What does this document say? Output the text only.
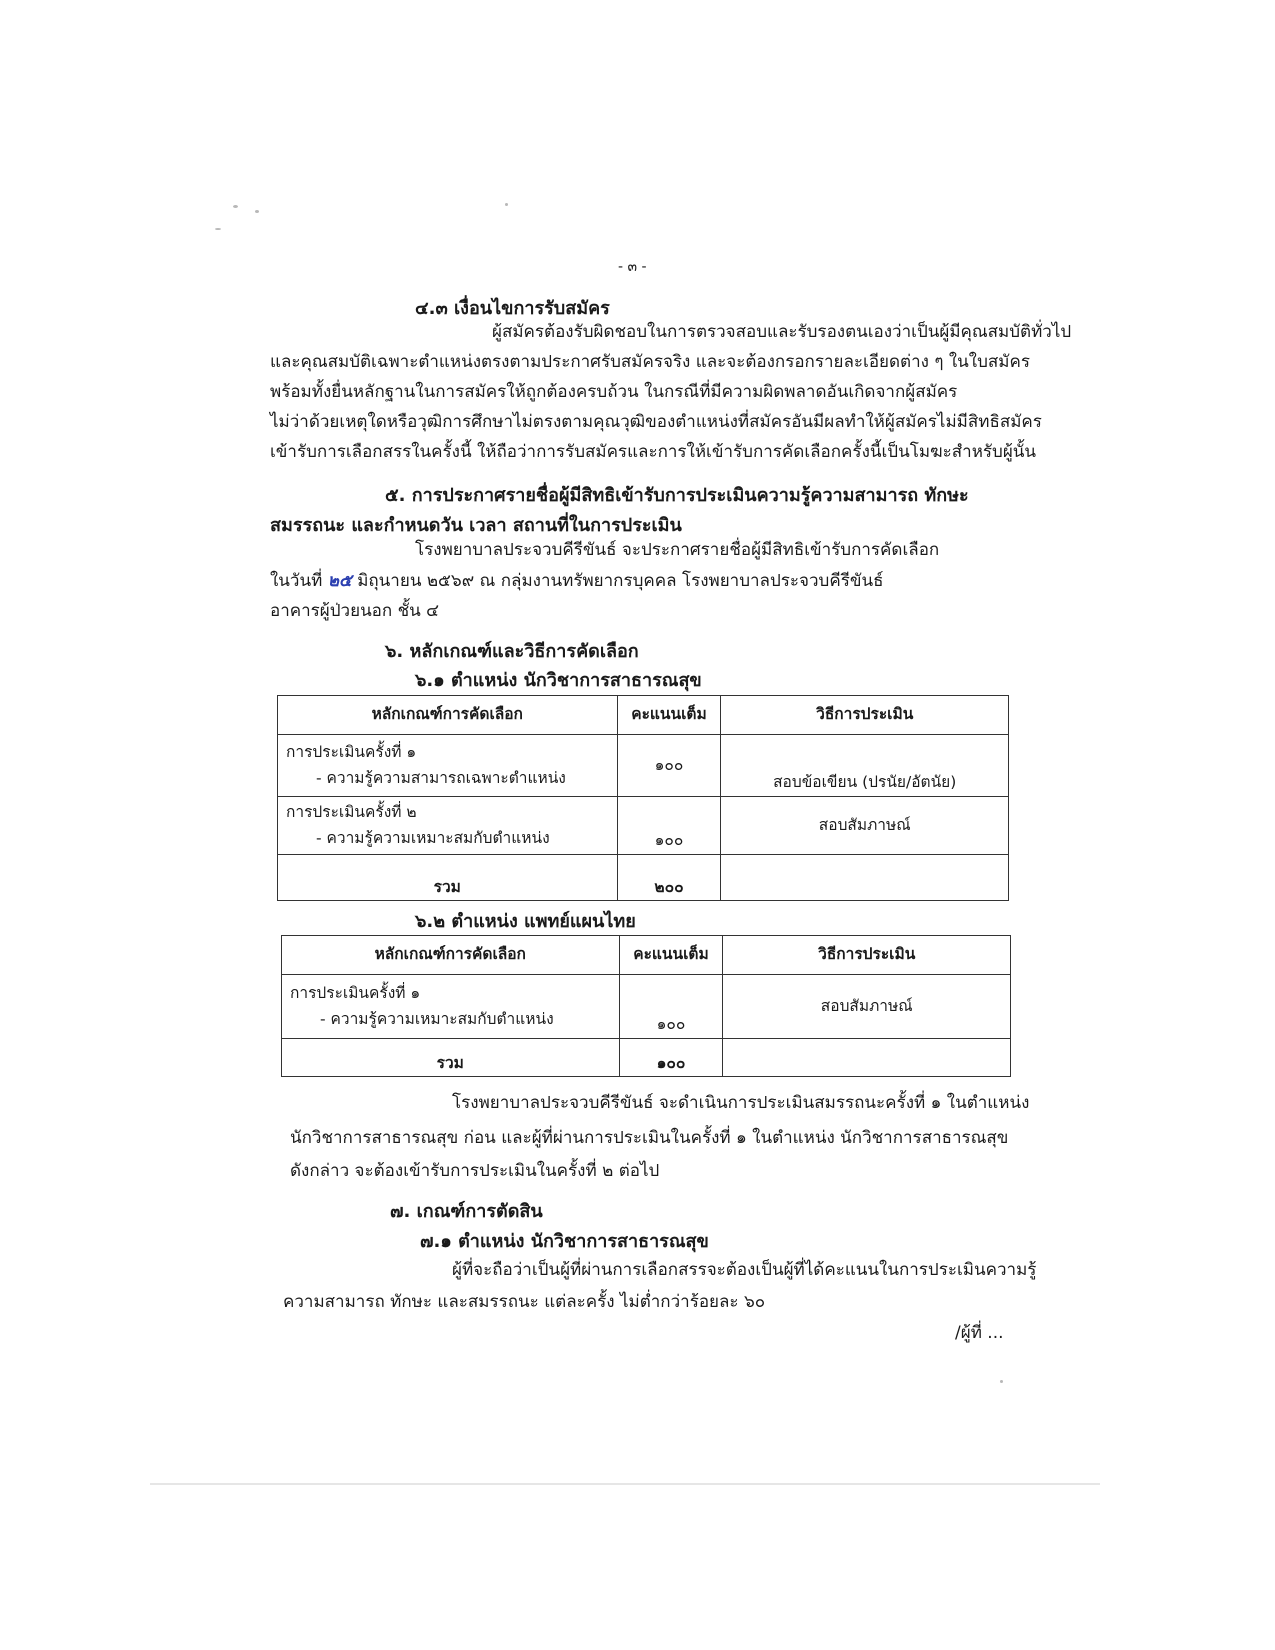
- ๓ -
๔.๓ เงื่อนไขการรับสมัคร
ผู้สมัครต้องรับผิดชอบในการตรวจสอบและรับรองตนเองว่าเป็นผู้มีคุณสมบัติทั่วไป
และคุณสมบัติเฉพาะตำแหน่งตรงตามประกาศรับสมัครจริง และจะต้องกรอกรายละเอียดต่าง ๆ ในใบสมัคร
พร้อมทั้งยื่นหลักฐานในการสมัครให้ถูกต้องครบถ้วน ในกรณีที่มีความผิดพลาดอันเกิดจากผู้สมัคร
ไม่ว่าด้วยเหตุใดหรือวุฒิการศึกษาไม่ตรงตามคุณวุฒิของตำแหน่งที่สมัครอันมีผลทำให้ผู้สมัครไม่มีสิทธิสมัคร
เข้ารับการเลือกสรรในครั้งนี้ ให้ถือว่าการรับสมัครและการให้เข้ารับการคัดเลือกครั้งนี้เป็นโมฆะสำหรับผู้นั้น
๕. การประกาศรายชื่อผู้มีสิทธิเข้ารับการประเมินความรู้ความสามารถ ทักษะ
สมรรถนะ และกำหนดวัน เวลา สถานที่ในการประเมิน
โรงพยาบาลประจวบคีรีขันธ์ จะประกาศรายชื่อผู้มีสิทธิเข้ารับการคัดเลือก
ในวันที่ ๒๕ มิถุนายน ๒๕๖๙ ณ กลุ่มงานทรัพยากรบุคคล โรงพยาบาลประจวบคีรีขันธ์
อาคารผู้ป่วยนอก ชั้น ๔
๖. หลักเกณฑ์และวิธีการคัดเลือก
๖.๑ ตำแหน่ง นักวิชาการสาธารณสุข
หลักเกณฑ์การคัดเลือก	คะแนนเต็ม	วิธีการประเมิน
การประเมินครั้งที่ ๑
- ความรู้ความสามารถเฉพาะตำแหน่ง	๑๐๐	สอบข้อเขียน (ปรนัย/อัตนัย)
การประเมินครั้งที่ ๒
- ความรู้ความเหมาะสมกับตำแหน่ง	๑๐๐	สอบสัมภาษณ์
รวม	๒๐๐	
๖.๒ ตำแหน่ง แพทย์แผนไทย
หลักเกณฑ์การคัดเลือก	คะแนนเต็ม	วิธีการประเมิน
การประเมินครั้งที่ ๑
- ความรู้ความเหมาะสมกับตำแหน่ง	๑๐๐	สอบสัมภาษณ์
รวม	๑๐๐	
โรงพยาบาลประจวบคีรีขันธ์ จะดำเนินการประเมินสมรรถนะครั้งที่ ๑ ในตำแหน่ง
นักวิชาการสาธารณสุข ก่อน และผู้ที่ผ่านการประเมินในครั้งที่ ๑ ในตำแหน่ง นักวิชาการสาธารณสุข
ดังกล่าว จะต้องเข้ารับการประเมินในครั้งที่ ๒ ต่อไป
๗. เกณฑ์การตัดสิน
๗.๑ ตำแหน่ง นักวิชาการสาธารณสุข
ผู้ที่จะถือว่าเป็นผู้ที่ผ่านการเลือกสรรจะต้องเป็นผู้ที่ได้คะแนนในการประเมินความรู้
ความสามารถ ทักษะ และสมรรถนะ แต่ละครั้ง ไม่ต่ำกว่าร้อยละ ๖๐
/ผู้ที่ ...
